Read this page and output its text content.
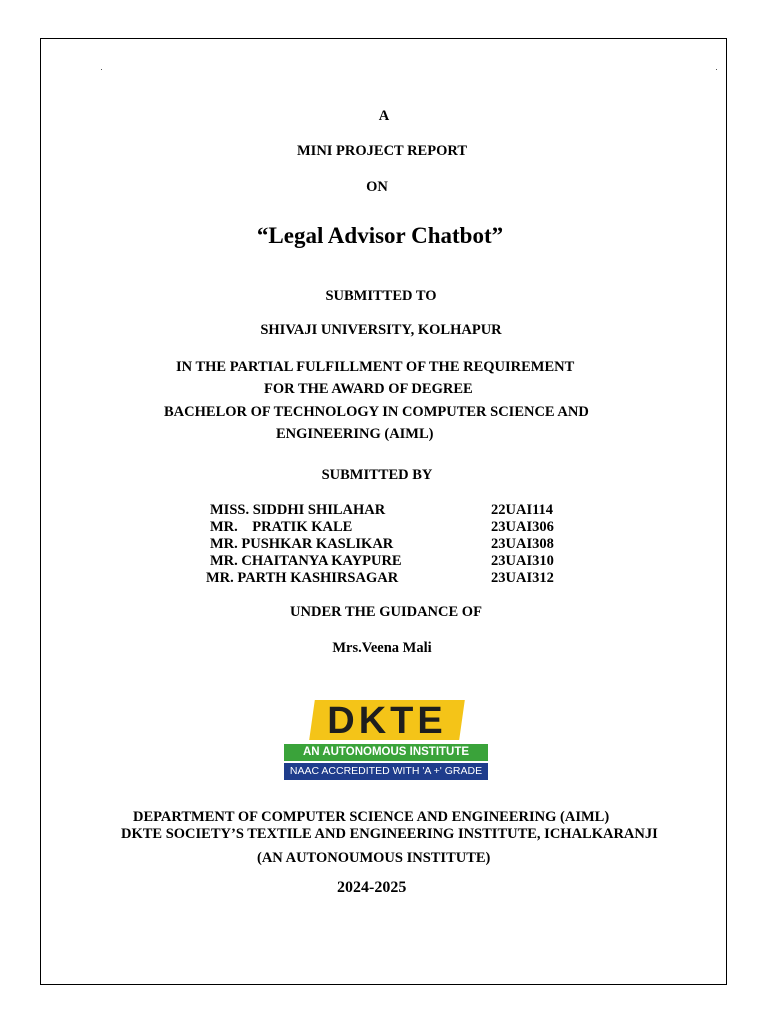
A
MINI PROJECT REPORT
ON
“Legal Advisor Chatbot”
SUBMITTED TO
SHIVAJI UNIVERSITY, KOLHAPUR
IN THE PARTIAL FULFILLMENT OF THE REQUIREMENT
FOR THE AWARD OF DEGREE
BACHELOR OF TECHNOLOGY IN COMPUTER SCIENCE AND
ENGINEERING (AIML)
SUBMITTED BY
MISS. SIDDHI SHILAHAR	22UAI114
MR.    PRATIK KALE	23UAI306
MR. PUSHKAR KASLIKAR	23UAI308
MR. CHAITANYA KAYPURE	23UAI310
MR. PARTH KASHIRSAGAR	23UAI312
UNDER THE GUIDANCE OF
Mrs.Veena Mali
DKTE
AN AUTONOMOUS INSTITUTE
NAAC ACCREDITED WITH 'A +' GRADE
DEPARTMENT OF COMPUTER SCIENCE AND ENGINEERING (AIML)
DKTE SOCIETY’S TEXTILE AND ENGINEERING INSTITUTE, ICHALKARANJI
(AN AUTONOUMOUS INSTITUTE)
2024-2025
